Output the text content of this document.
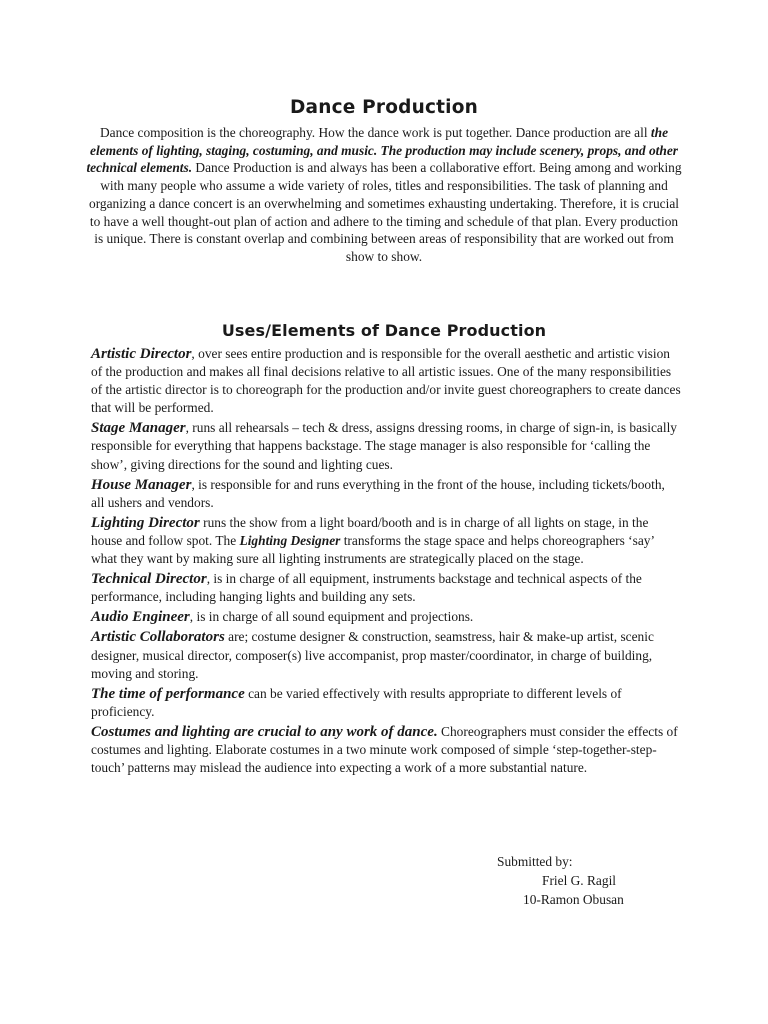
Dance Production

Dance composition is the choreography. How the dance work is put together. Dance production are all the elements of lighting, staging, costuming, and music. The production may include scenery, props, and other technical elements. Dance Production is and always has been a collaborative effort. Being among and working with many people who assume a wide variety of roles, titles and responsibilities. The task of planning and organizing a dance concert is an overwhelming and sometimes exhausting undertaking. Therefore, it is crucial to have a well thought-out plan of action and adhere to the timing and schedule of that plan. Every production is unique. There is constant overlap and combining between areas of responsibility that are worked out from show to show.

Uses/Elements of Dance Production

Artistic Director, over sees entire production and is responsible for the overall aesthetic and artistic vision of the production and makes all final decisions relative to all artistic issues. One of the many responsibilities of the artistic director is to choreograph for the production and/or invite guest choreographers to create dances that will be performed.

Stage Manager, runs all rehearsals – tech & dress, assigns dressing rooms, in charge of sign-in, is basically responsible for everything that happens backstage. The stage manager is also responsible for ‘calling the show’, giving directions for the sound and lighting cues.

House Manager, is responsible for and runs everything in the front of the house, including tickets/booth, all ushers and vendors.

Lighting Director runs the show from a light board/booth and is in charge of all lights on stage, in the house and follow spot. The Lighting Designer transforms the stage space and helps choreographers ‘say’ what they want by making sure all lighting instruments are strategically placed on the stage.

Technical Director, is in charge of all equipment, instruments backstage and technical aspects of the performance, including hanging lights and building any sets.

Audio Engineer, is in charge of all sound equipment and projections.

Artistic Collaborators are; costume designer & construction, seamstress, hair & make-up artist, scenic designer, musical director, composer(s) live accompanist, prop master/coordinator, in charge of building, moving and storing.

The time of performance can be varied effectively with results appropriate to different levels of proficiency.

Costumes and lighting are crucial to any work of dance. Choreographers must consider the effects of costumes and lighting. Elaborate costumes in a two minute work composed of simple ‘step-together-step-touch’ patterns may mislead the audience into expecting a work of a more substantial nature.

Submitted by:
Friel G. Ragil
10-Ramon Obusan
